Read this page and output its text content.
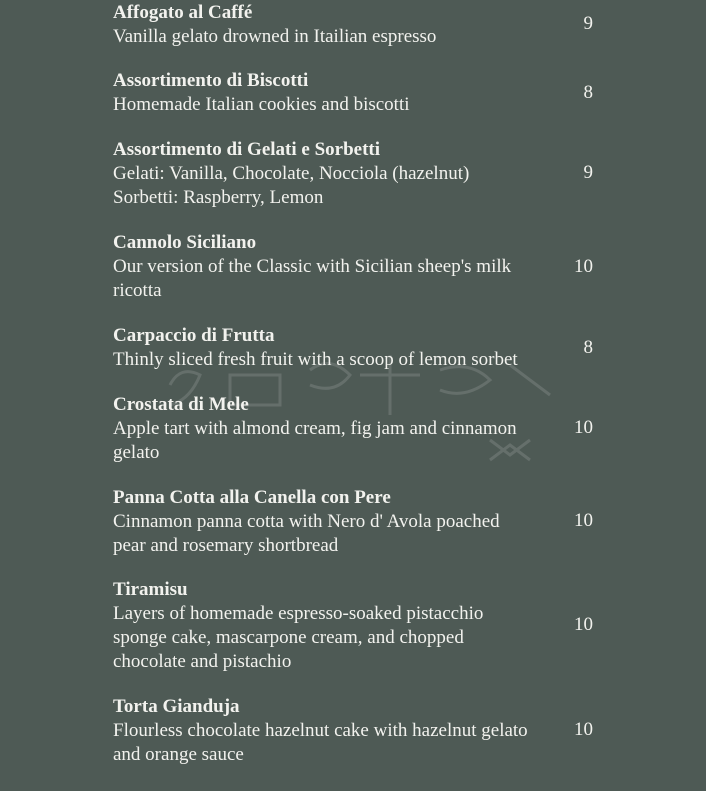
Affogato al Caffé
Vanilla gelato drowned in Itailian espresso
9
Assortimento di Biscotti
Homemade Italian cookies and biscotti
8
Assortimento di Gelati e Sorbetti
Gelati: Vanilla, Chocolate, Nocciola (hazelnut)
Sorbetti: Raspberry, Lemon
9
Cannolo Siciliano
Our version of the Classic with Sicilian sheep's milk
ricotta
10
Carpaccio di Frutta
Thinly sliced fresh fruit with a scoop of lemon sorbet
8
Crostata di Mele
Apple tart with almond cream, fig jam and cinnamon
gelato
10
Panna Cotta alla Canella con Pere
Cinnamon panna cotta with Nero d' Avola poached
pear and rosemary shortbread
10
Tiramisu
Layers of homemade espresso-soaked pistacchio
sponge cake, mascarpone cream, and chopped
chocolate and pistachio
10
Torta Gianduja
Flourless chocolate hazelnut cake with hazelnut gelato
and orange sauce
10
